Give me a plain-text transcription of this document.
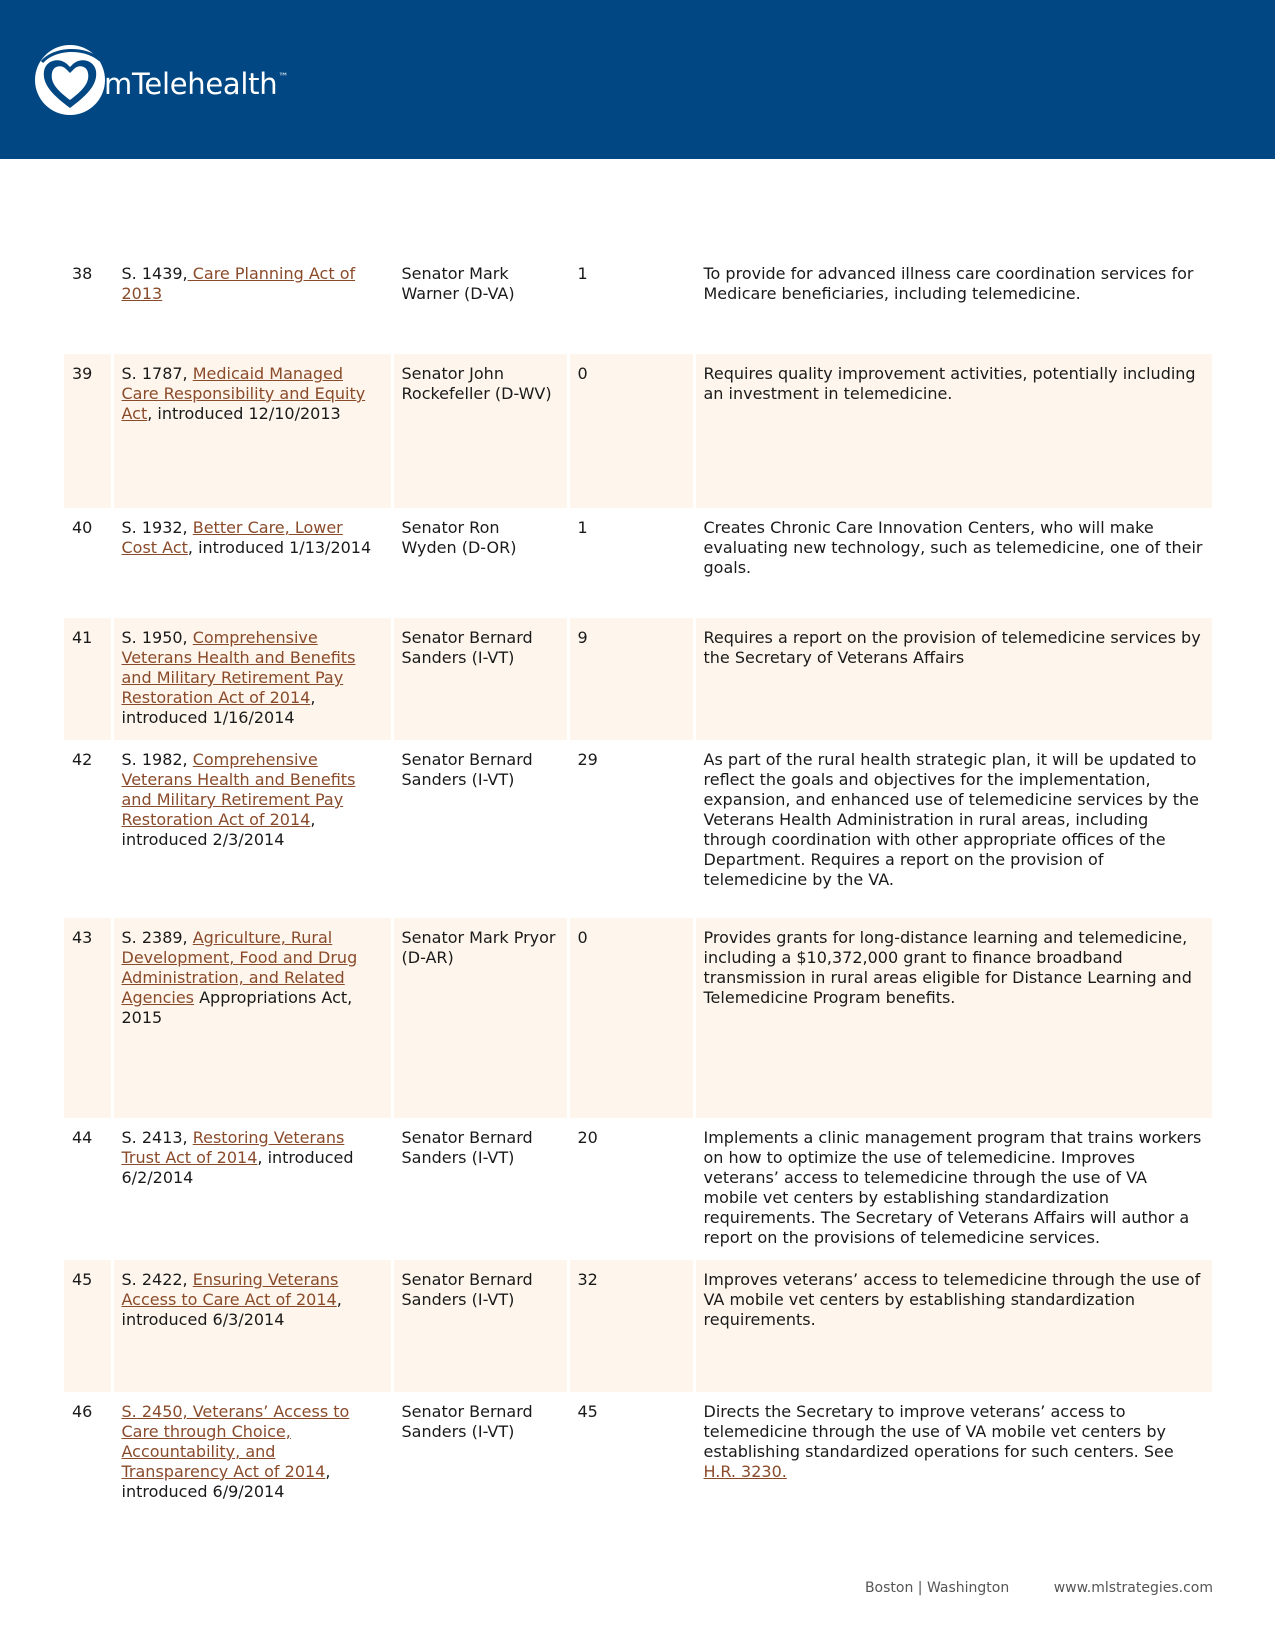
mTelehealth™
38	S. 1439, Care Planning Act of 2013	Senator Mark Warner (D-VA)	1	To provide for advanced illness care coordination services for Medicare beneficiaries, including telemedicine.
39	S. 1787, Medicaid Managed Care Responsibility and Equity Act, introduced 12/10/2013	Senator John Rockefeller (D-WV)	0	Requires quality improvement activities, potentially including an investment in telemedicine.
40	S. 1932, Better Care, Lower Cost Act, introduced 1/13/2014	Senator Ron Wyden (D-OR)	1	Creates Chronic Care Innovation Centers, who will make evaluating new technology, such as telemedicine, one of their goals.
41	S. 1950, Comprehensive Veterans Health and Benefits and Military Retirement Pay Restoration Act of 2014, introduced 1/16/2014	Senator Bernard Sanders (I-VT)	9	Requires a report on the provision of telemedicine services by the Secretary of Veterans Affairs
42	S. 1982, Comprehensive Veterans Health and Benefits and Military Retirement Pay Restoration Act of 2014, introduced 2/3/2014	Senator Bernard Sanders (I-VT)	29	As part of the rural health strategic plan, it will be updated to reflect the goals and objectives for the implementation, expansion, and enhanced use of telemedicine services by the Veterans Health Administration in rural areas, including through coordination with other appropriate offices of the Department. Requires a report on the provision of telemedicine by the VA.
43	S. 2389, Agriculture, Rural Development, Food and Drug Administration, and Related Agencies Appropriations Act, 2015	Senator Mark Pryor (D-AR)	0	Provides grants for long-distance learning and telemedicine, including a $10,372,000 grant to finance broadband transmission in rural areas eligible for Distance Learning and Telemedicine Program benefits.
44	S. 2413, Restoring Veterans Trust Act of 2014, introduced 6/2/2014	Senator Bernard Sanders (I-VT)	20	Implements a clinic management program that trains workers on how to optimize the use of telemedicine. Improves veterans’ access to telemedicine through the use of VA mobile vet centers by establishing standardization requirements. The Secretary of Veterans Affairs will author a report on the provisions of telemedicine services.
45	S. 2422, Ensuring Veterans Access to Care Act of 2014, introduced 6/3/2014	Senator Bernard Sanders (I-VT)	32	Improves veterans’ access to telemedicine through the use of VA mobile vet centers by establishing standardization requirements.
46	S. 2450, Veterans’ Access to Care through Choice, Accountability, and Transparency Act of 2014, introduced 6/9/2014	Senator Bernard Sanders (I-VT)	45	Directs the Secretary to improve veterans’ access to telemedicine through the use of VA mobile vet centers by establishing standardized operations for such centers. See H.R. 3230.
Boston | Washington	www.mlstrategies.com
